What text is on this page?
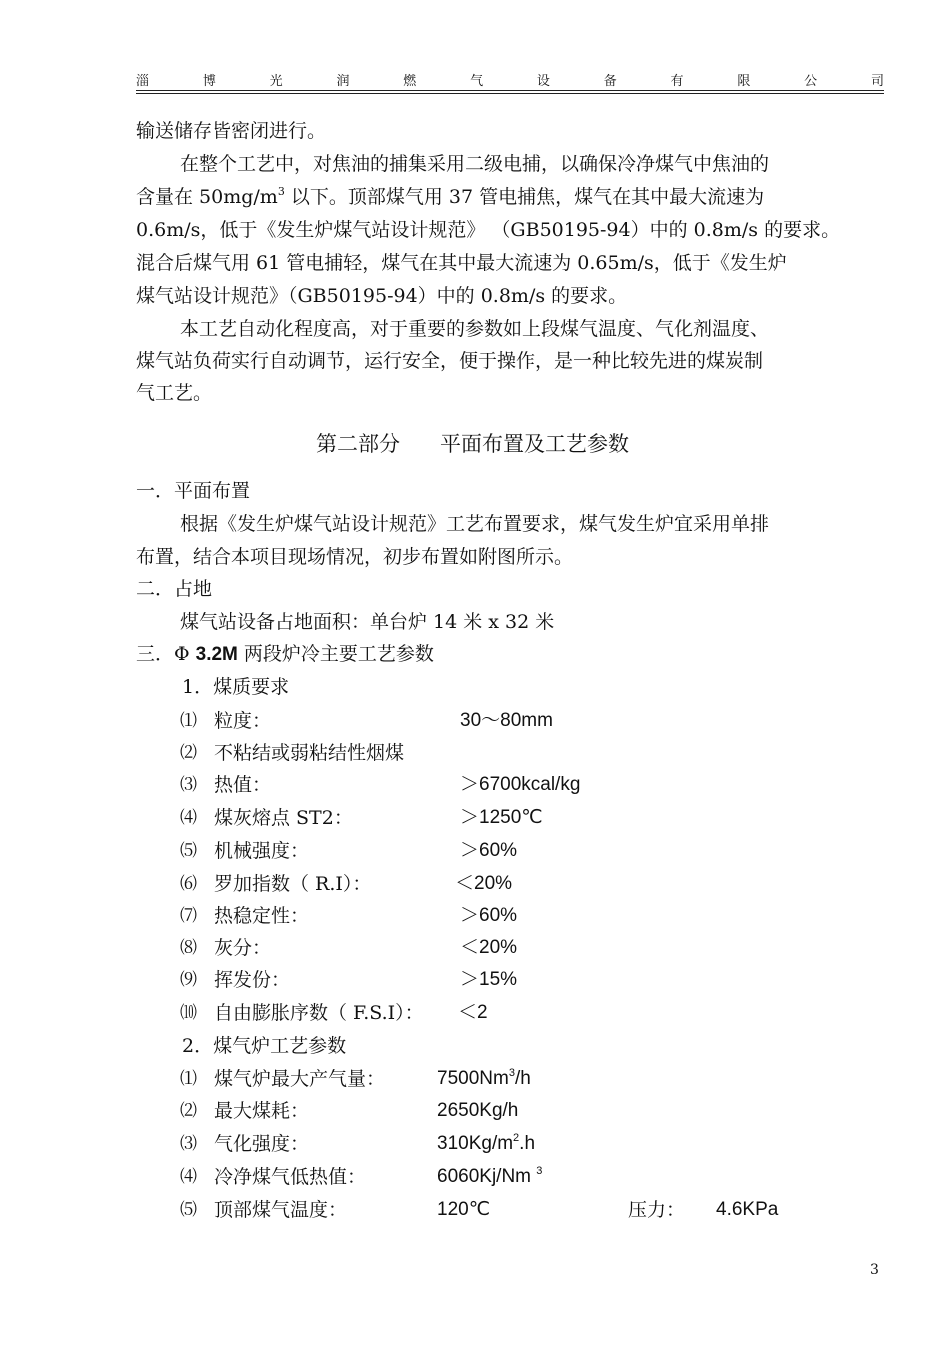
淄	博	光	润	燃	气	设	备	有	限	公	司
输送储存皆密闭进行。
在整个工艺中，对焦油的捕集采用二级电捕，以确保冷净煤气中焦油的
含量在 $50mg/m^3$ 以下。顶部煤气用 37 管电捕焦，煤气在其中最大流速为
0.6m/s，低于《发生炉煤气站设计规范》 （GB50195-94）中的 0.8m/s 的要求。
混合后煤气用 61 管电捕轻，煤气在其中最大流速为 0.65m/s，低于《发生炉
煤气站设计规范》（GB50195-94）中的 0.8m/s 的要求。
本工艺自动化程度高，对于重要的参数如上段煤气温度、气化剂温度、
煤气站负荷实行自动调节，运行安全，便于操作，是一种比较先进的煤炭制
气工艺。
第二部分 平面布置及工艺参数
一．平面布置
根据《发生炉煤气站设计规范》工艺布置要求，煤气发生炉宜采用单排
布置，结合本项目现场情况，初步布置如附图所示。
二．占地
煤气站设备占地面积：单台炉 14 米 x 32 米
三．Φ 3.2M 两段炉冷主要工艺参数
1．煤质要求
⑴ 粒度：	30～80mm
⑵ 不粘结或弱粘结性烟煤
⑶ 热值：	＞6700kcal/kg
⑷ 煤灰熔点 ST2：	＞1250℃
⑸ 机械强度：	＞60%
⑹ 罗加指数（ R.I）：	＜20%
⑺ 热稳定性：	＞60%
⑻ 灰分：	＜20%
⑼ 挥发份：	＞15%
⑽ 自由膨胀序数（ F.S.I）： ＜2
2．煤气炉工艺参数
⑴ 煤气炉最大产气量：	7500Nm$^3$/h
⑵ 最大煤耗：	2650Kg/h
⑶ 气化强度：	$310Kg/m^2.h$
⑷ 冷净煤气低热值：	6060Kj/Nm $^3$
⑸ 顶部煤气温度：	120℃	压力： 4.6KPa
3
